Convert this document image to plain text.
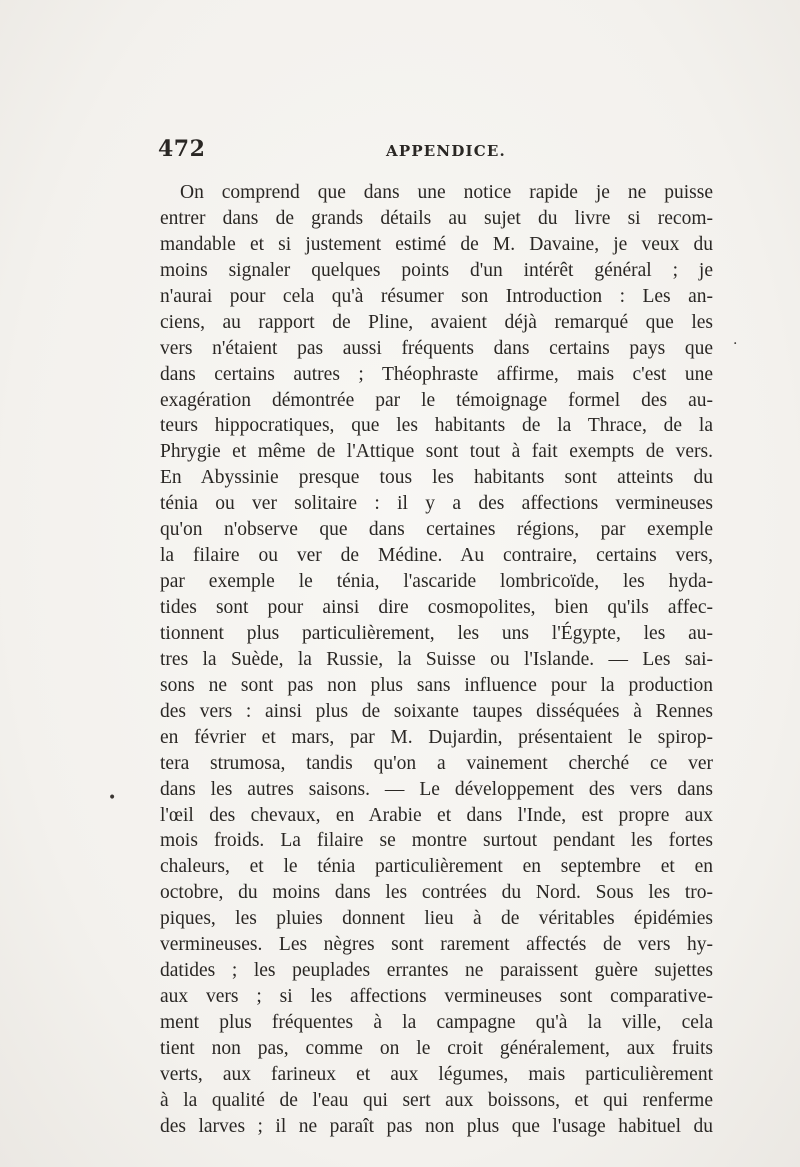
472	APPENDICE.
On comprend que dans une notice rapide je ne puisse
entrer dans de grands détails au sujet du livre si recom-
mandable et si justement estimé de M. Davaine, je veux du
moins signaler quelques points d'un intérêt général ; je
n'aurai pour cela qu'à résumer son Introduction : Les an-
ciens, au rapport de Pline, avaient déjà remarqué que les
vers n'étaient pas aussi fréquents dans certains pays que
dans certains autres ; Théophraste affirme, mais c'est une
exagération démontrée par le témoignage formel des au-
teurs hippocratiques, que les habitants de la Thrace, de la
Phrygie et même de l'Attique sont tout à fait exempts de vers.
En Abyssinie presque tous les habitants sont atteints du
ténia ou ver solitaire : il y a des affections vermineuses
qu'on n'observe que dans certaines régions, par exemple
la filaire ou ver de Médine. Au contraire, certains vers,
par exemple le ténia, l'ascaride lombricoïde, les hyda-
tides sont pour ainsi dire cosmopolites, bien qu'ils affec-
tionnent plus particulièrement, les uns l'Égypte, les au-
tres la Suède, la Russie, la Suisse ou l'Islande. — Les sai-
sons ne sont pas non plus sans influence pour la production
des vers : ainsi plus de soixante taupes disséquées à Rennes
en février et mars, par M. Dujardin, présentaient le spirop-
tera strumosa, tandis qu'on a vainement cherché ce ver
dans les autres saisons. — Le développement des vers dans
l'œil des chevaux, en Arabie et dans l'Inde, est propre aux
mois froids. La filaire se montre surtout pendant les fortes
chaleurs, et le ténia particulièrement en septembre et en
octobre, du moins dans les contrées du Nord. Sous les tro-
piques, les pluies donnent lieu à de véritables épidémies
vermineuses. Les nègres sont rarement affectés de vers hy-
datides ; les peuplades errantes ne paraissent guère sujettes
aux vers ; si les affections vermineuses sont comparative-
ment plus fréquentes à la campagne qu'à la ville, cela
tient non pas, comme on le croit généralement, aux fruits
verts, aux farineux et aux légumes, mais particulièrement
à la qualité de l'eau qui sert aux boissons, et qui renferme
des larves ; il ne paraît pas non plus que l'usage habituel du
•
·
